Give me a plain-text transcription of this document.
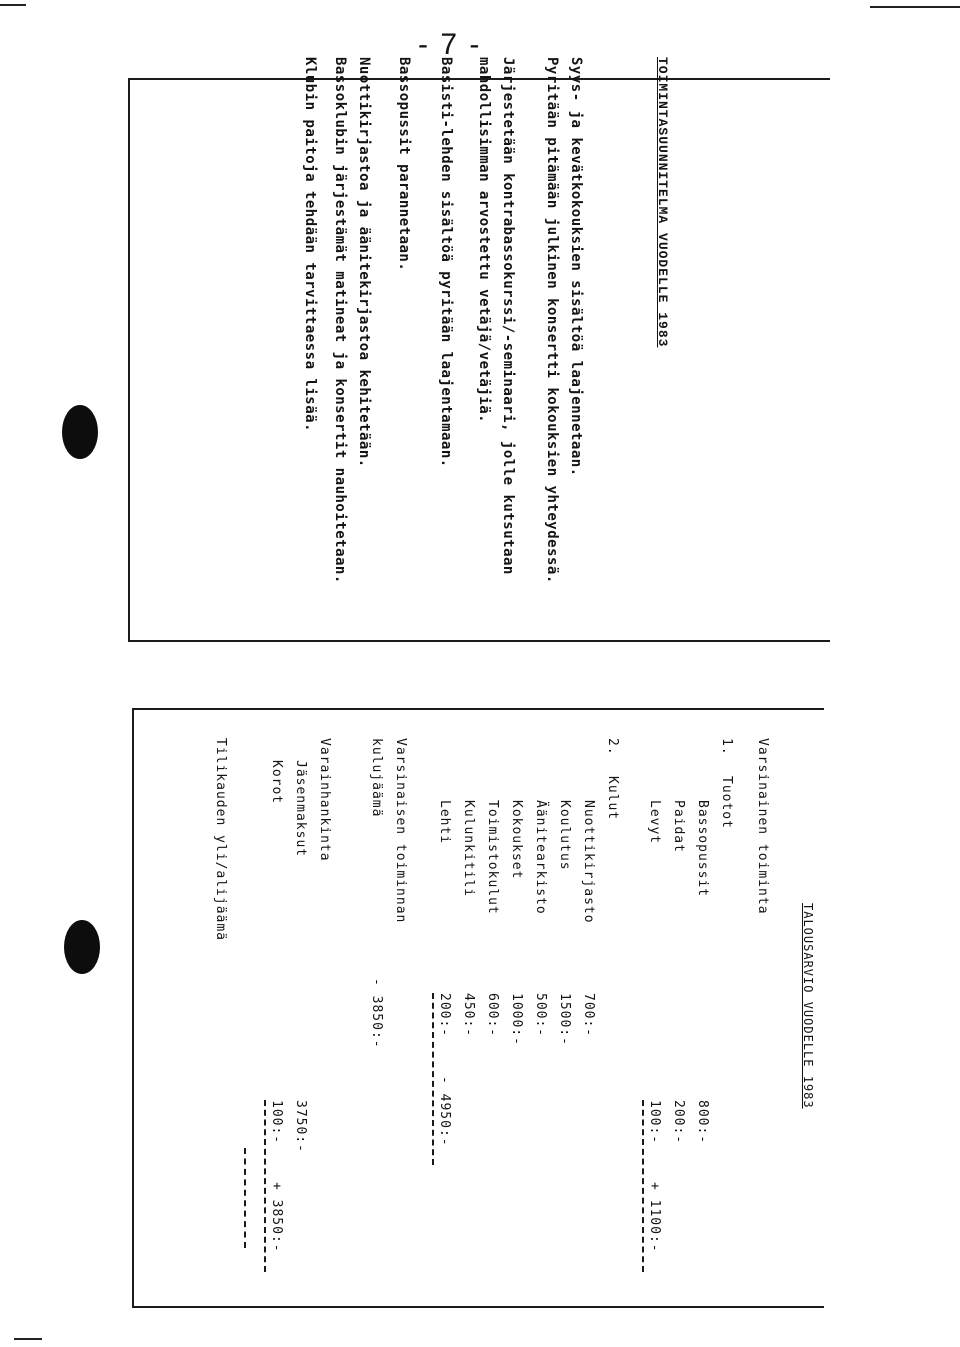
- 7 -
TOIMINTASUUNNITELMA VUODELLE 1983
Syys- ja kevätkokouksien sisältöä laajennetaan.
Pyritään pitämään julkinen konsertti kokouksien yhteydessä.
Järjestetään kontrabassokurssi/-seminaari, jolle kutsutaan
mahdollisimman arvostettu vetäjä/vetäjiä.
Basisti-lehden sisältöä pyritään laajentamaan.
Bassopussit parannetaan.
Nuottikirjastoa ja äänitekirjastoa kehitetään.
Bassoklubin järjestämät matineat ja konsertit nauhoitetaan.
Klubin paitoja tehdään tarvittaessa lisää.
TALOUSARVIO VUODELLE 1983
Varsinainen toiminta
1.
Tuotot
Bassopussit
800:-
Paidat
200:-
Levyt
100:-
+ 1100:-
2.
Kulut
Nuottikirjasto
700:-
Koulutus
1500:-
Äänitearkisto
500:-
Kokoukset
1000:-
Toimistokulut
600:-
Kulunkitili
450:-
Lehti
200:-
- 4950:-
Varsinaisen toiminnan
kulujäämä
- 3850:-
Varainhankinta
Jäsenmaksut
3750:-
Korot
100:-
+ 3850:-
Tilikauden yli/alijäämä
